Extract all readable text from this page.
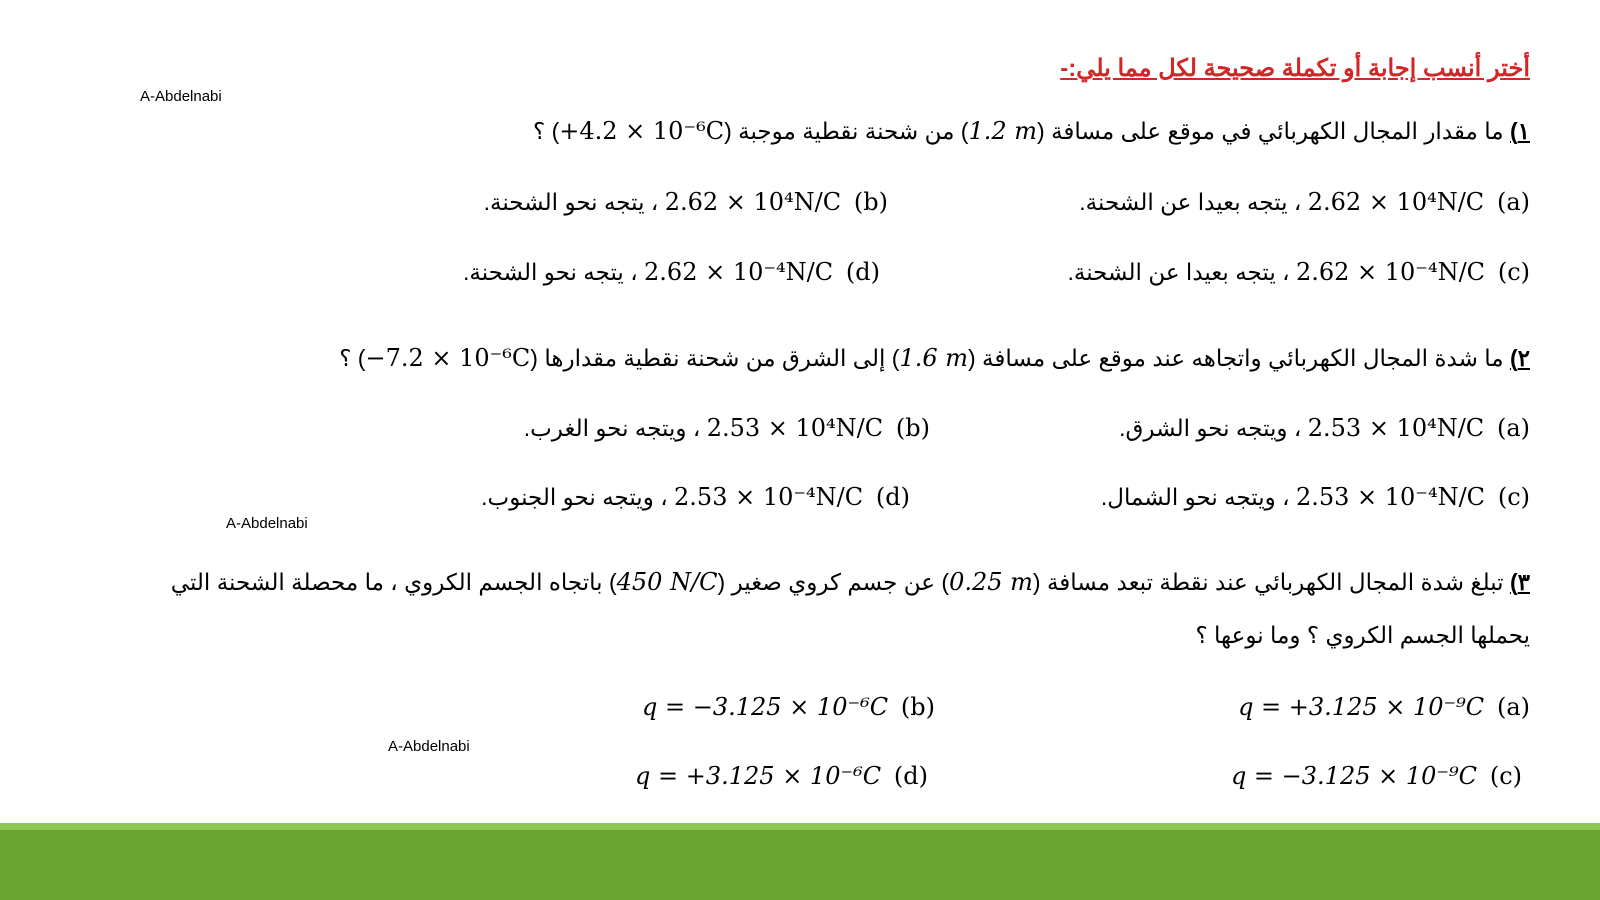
أختر أنسب إجابة أو تكملة صحيحة لكل مما يلي:-
A-Abdelnabi
A-Abdelnabi
A-Abdelnabi
١) ما مقدار المجال الكهربائي في موقع على مسافة (1.2 m) من شحنة نقطية موجبة (+4.2 × 10⁻⁶C) ؟
(a)  2.62 × 10⁴N/C ، يتجه بعيدا عن الشحنة.
(b)  2.62 × 10⁴N/C ، يتجه نحو الشحنة.
(c)  2.62 × 10⁻⁴N/C ، يتجه بعيدا عن الشحنة.
(d)  2.62 × 10⁻⁴N/C ، يتجه نحو الشحنة.
٢) ما شدة المجال الكهربائي واتجاهه عند موقع على مسافة (1.6 m) إلى الشرق من شحنة نقطية مقدارها (−7.2 × 10⁻⁶C) ؟
(a)  2.53 × 10⁴N/C ، ويتجه نحو الشرق.
(b)  2.53 × 10⁴N/C ، ويتجه نحو الغرب.
(c)  2.53 × 10⁻⁴N/C ، ويتجه نحو الشمال.
(d)  2.53 × 10⁻⁴N/C ، ويتجه نحو الجنوب.
٣) تبلغ شدة المجال الكهربائي عند نقطة تبعد مسافة (0.25 m) عن جسم كروي صغير (450 N/C) باتجاه الجسم الكروي ، ما محصلة الشحنة التي
يحملها الجسم الكروي ؟ وما نوعها ؟
q = +3.125 × 10⁻⁹C (a)
q = −3.125 × 10⁻⁶C (b)
q = −3.125 × 10⁻⁹C (c)
q = +3.125 × 10⁻⁶C (d)
